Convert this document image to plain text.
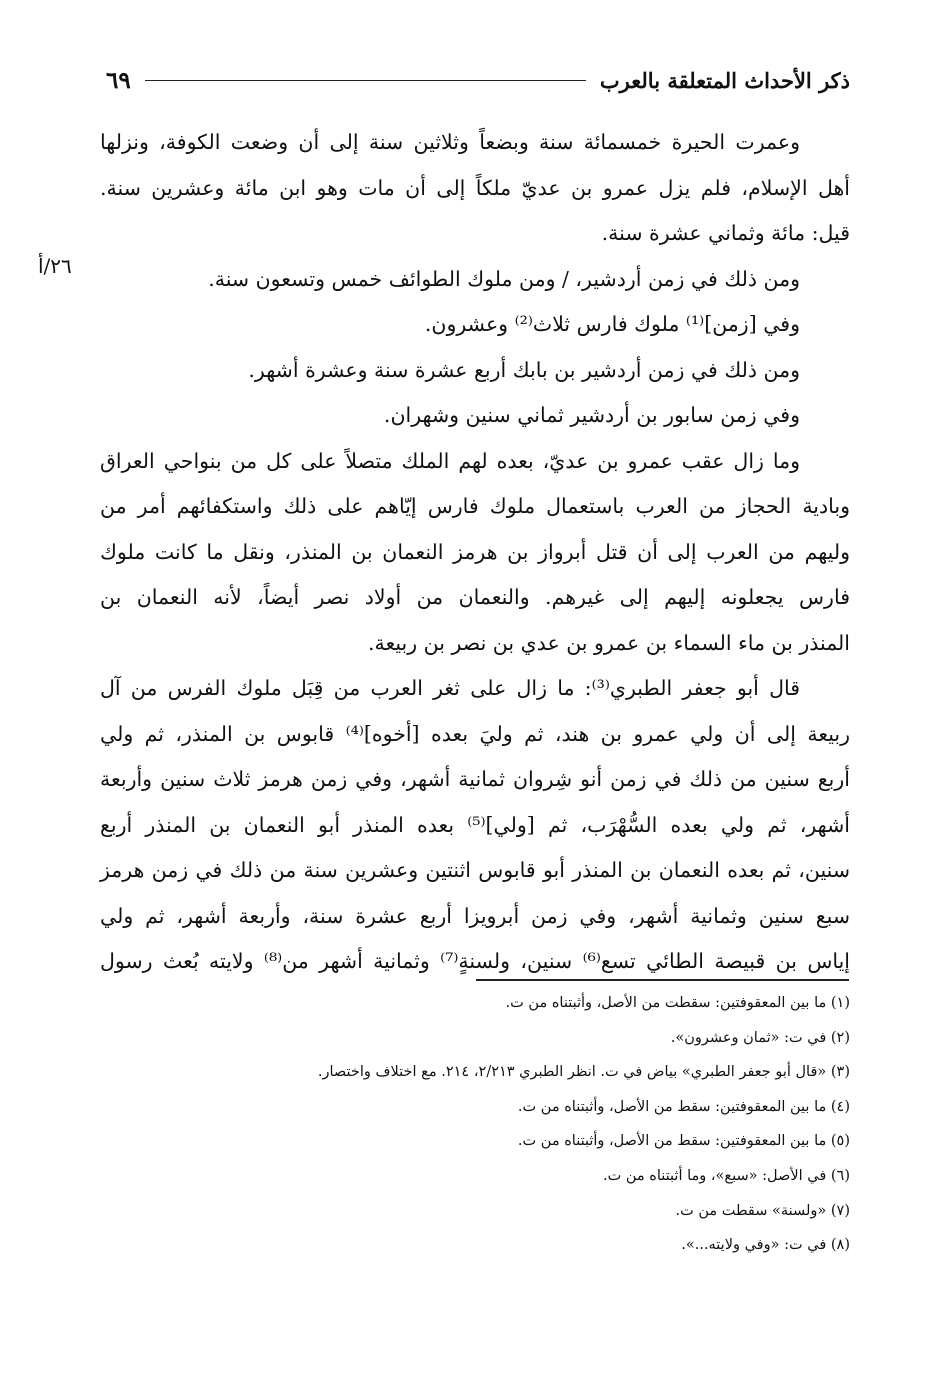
ذكر الأحداث المتعلقة بالعرب
٦٩
٢٦/أ
وعمرت الحيرة خمسمائة سنة وبضعاً وثلاثين سنة إلى أن وضعت الكوفة، ونزلها
أهل الإسلام، فلم يزل عمرو بن عديّ ملكاً إلى أن مات وهو ابن مائة وعشرين سنة.
قيل: مائة وثماني عشرة سنة.
ومن ذلك في زمن أردشير، / ومن ملوك الطوائف خمس وتسعون سنة.
وفي [زمن]⁽¹⁾ ملوك فارس ثلاث⁽²⁾ وعشرون.
ومن ذلك في زمن أردشير بن بابك أربع عشرة سنة وعشرة أشهر.
وفي زمن سابور بن أردشير ثماني سنين وشهران.
وما زال عقب عمرو بن عديّ، بعده لهم الملك متصلاً على كل من بنواحي العراق
وبادية الحجاز من العرب باستعمال ملوك فارس إيّاهم على ذلك واستكفائهم أمر من
وليهم من العرب إلى أن قتل أبرواز بن هرمز النعمان بن المنذر، ونقل ما كانت ملوك
فارس يجعلونه إليهم إلى غيرهم. والنعمان من أولاد نصر أيضاً، لأنه النعمان بن
المنذر بن ماء السماء بن عمرو بن عدي بن نصر بن ربيعة.
قال أبو جعفر الطبري⁽³⁾: ما زال على ثغر العرب من قِبَل ملوك الفرس من آل
ربيعة إلى أن ولي عمرو بن هند، ثم وليَ بعده [أخوه]⁽⁴⁾ قابوس بن المنذر، ثم ولي
أربع سنين من ذلك في زمن أنو شِروان ثمانية أشهر، وفي زمن هرمز ثلاث سنين وأربعة
أشهر، ثم ولي بعده السُّهْرَب، ثم [ولي]⁽⁵⁾ بعده المنذر أبو النعمان بن المنذر أربع
سنين، ثم بعده النعمان بن المنذر أبو قابوس اثنتين وعشرين سنة من ذلك في زمن هرمز
سبع سنين وثمانية أشهر، وفي زمن أبرويزا أربع عشرة سنة، وأربعة أشهر، ثم ولي
إياس بن قبيصة الطائي تسع⁽⁶⁾ سنين، ولسنةٍ⁽⁷⁾ وثمانية أشهر من⁽⁸⁾ ولايته بُعث رسول
(١) ما بين المعقوفتين: سقطت من الأصل، وأثبتناه من ت.
(٢) في ت: «ثمان وعشرون».
(٣) «قال أبو جعفر الطبري» بياض في ت. انظر الطبري ٢/٢١٣، ٢١٤. مع اختلاف واختصار.
(٤) ما بين المعقوفتين: سقط من الأصل، وأثبتناه من ت.
(٥) ما بين المعقوفتين: سقط من الأصل، وأثبتناه من ت.
(٦) في الأصل: «سبع»، وما أثبتناه من ت.
(٧) «ولسنة» سقطت من ت.
(٨) في ت: «وفي ولايته...».
